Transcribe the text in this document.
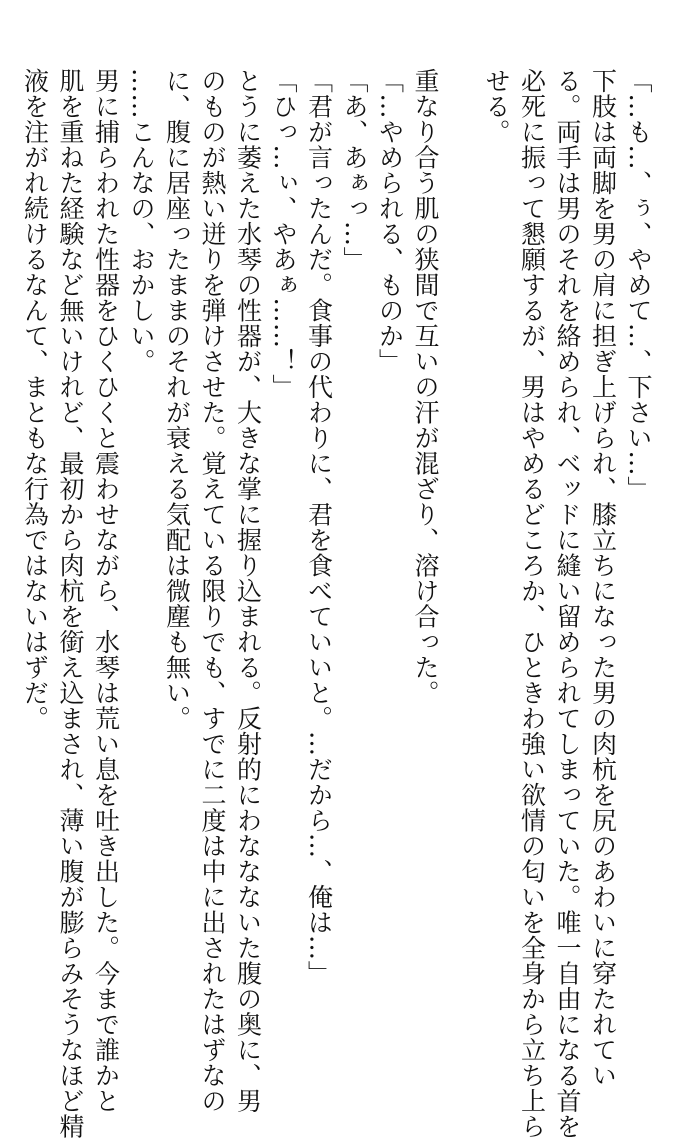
「…も…、ぅ、やめて…、下さい…」

下肢は両脚を男の肩に担ぎ上げられ、膝立ちになった男の肉杭を尻のあわいに穿たれてい

る。両手は男のそれを絡められ、ベッドに縫い留められてしまっていた。唯一自由になる首を

必死に振って懇願するが、男はやめるどころか、ひときわ強い欲情の匂いを全身から立ち上ら

せる。

重なり合う肌の狭間で互いの汗が混ざり、溶け合った。

「…やめられる、ものか」

「あ、あぁっ…」

「君が言ったんだ。食事の代わりに、君を食べていいと。…だから…、俺は…」

「ひっ…ぃ、やあぁ……！」

とうに萎えた水琴の性器が、大きな掌に握り込まれる。反射的にわななないた腹の奥に、男

のものが熱い迸りを弾けさせた。覚えている限りでも、すでに二度は中に出されたはずなの

に、腹に居座ったままのそれが衰える気配は微塵も無い。

……こんなの、おかしい。

男に捕らわれた性器をひくひくと震わせながら、水琴は荒い息を吐き出した。今まで誰かと

肌を重ねた経験など無いけれど、最初から肉杭を銜え込まされ、薄い腹が膨らみそうなほど精

液を注がれ続けるなんて、まともな行為ではないはずだ。
